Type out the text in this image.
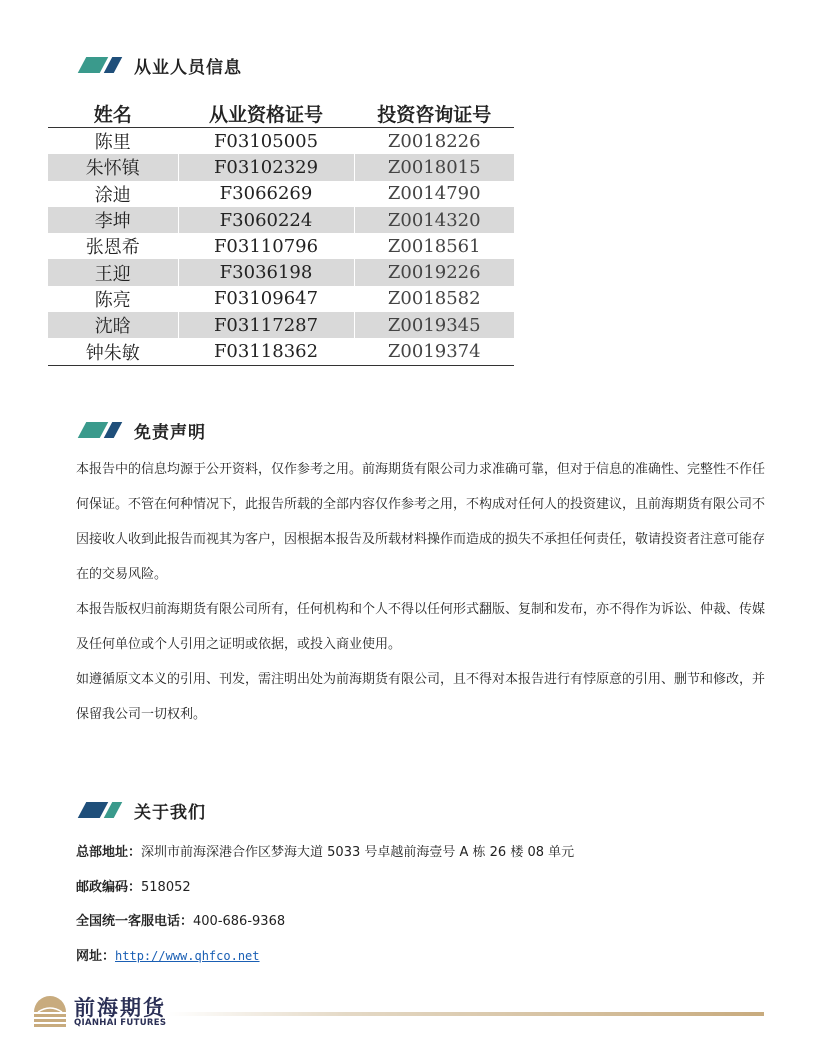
从业人员信息
姓名	从业资格证号	投资咨询证号
陈里	F03105005	Z0018226
朱怀镇	F03102329	Z0018015
涂迪	F3066269	Z0014790
李坤	F3060224	Z0014320
张恩希	F03110796	Z0018561
王迎	F3036198	Z0019226
陈亮	F03109647	Z0018582
沈晗	F03117287	Z0019345
钟朱敏	F03118362	Z0019374
免责声明

本报告中的信息均源于公开资料，仅作参考之用。前海期货有限公司力求准确可靠，但对于信息的准确性、完整性不作任何保证。不管在何种情况下，此报告所载的全部内容仅作参考之用，不构成对任何人的投资建议，且前海期货有限公司不因接收人收到此报告而视其为客户，因根据本报告及所载材料操作而造成的损失不承担任何责任，敬请投资者注意可能存在的交易风险。

本报告版权归前海期货有限公司所有，任何机构和个人不得以任何形式翻版、复制和发布，亦不得作为诉讼、仲裁、传媒及任何单位或个人引用之证明或依据，或投入商业使用。

如遵循原文本义的引用、刊发，需注明出处为前海期货有限公司，且不得对本报告进行有悖原意的引用、删节和修改，并保留我公司一切权利。

关于我们
总部地址：深圳市前海深港合作区梦海大道 5033 号卓越前海壹号 A 栋 26 楼 08 单元
邮政编码：518052
全国统一客服电话：400-686-9368
网址：http://www.qhfco.net
前海期货
QIANHAI FUTURES
